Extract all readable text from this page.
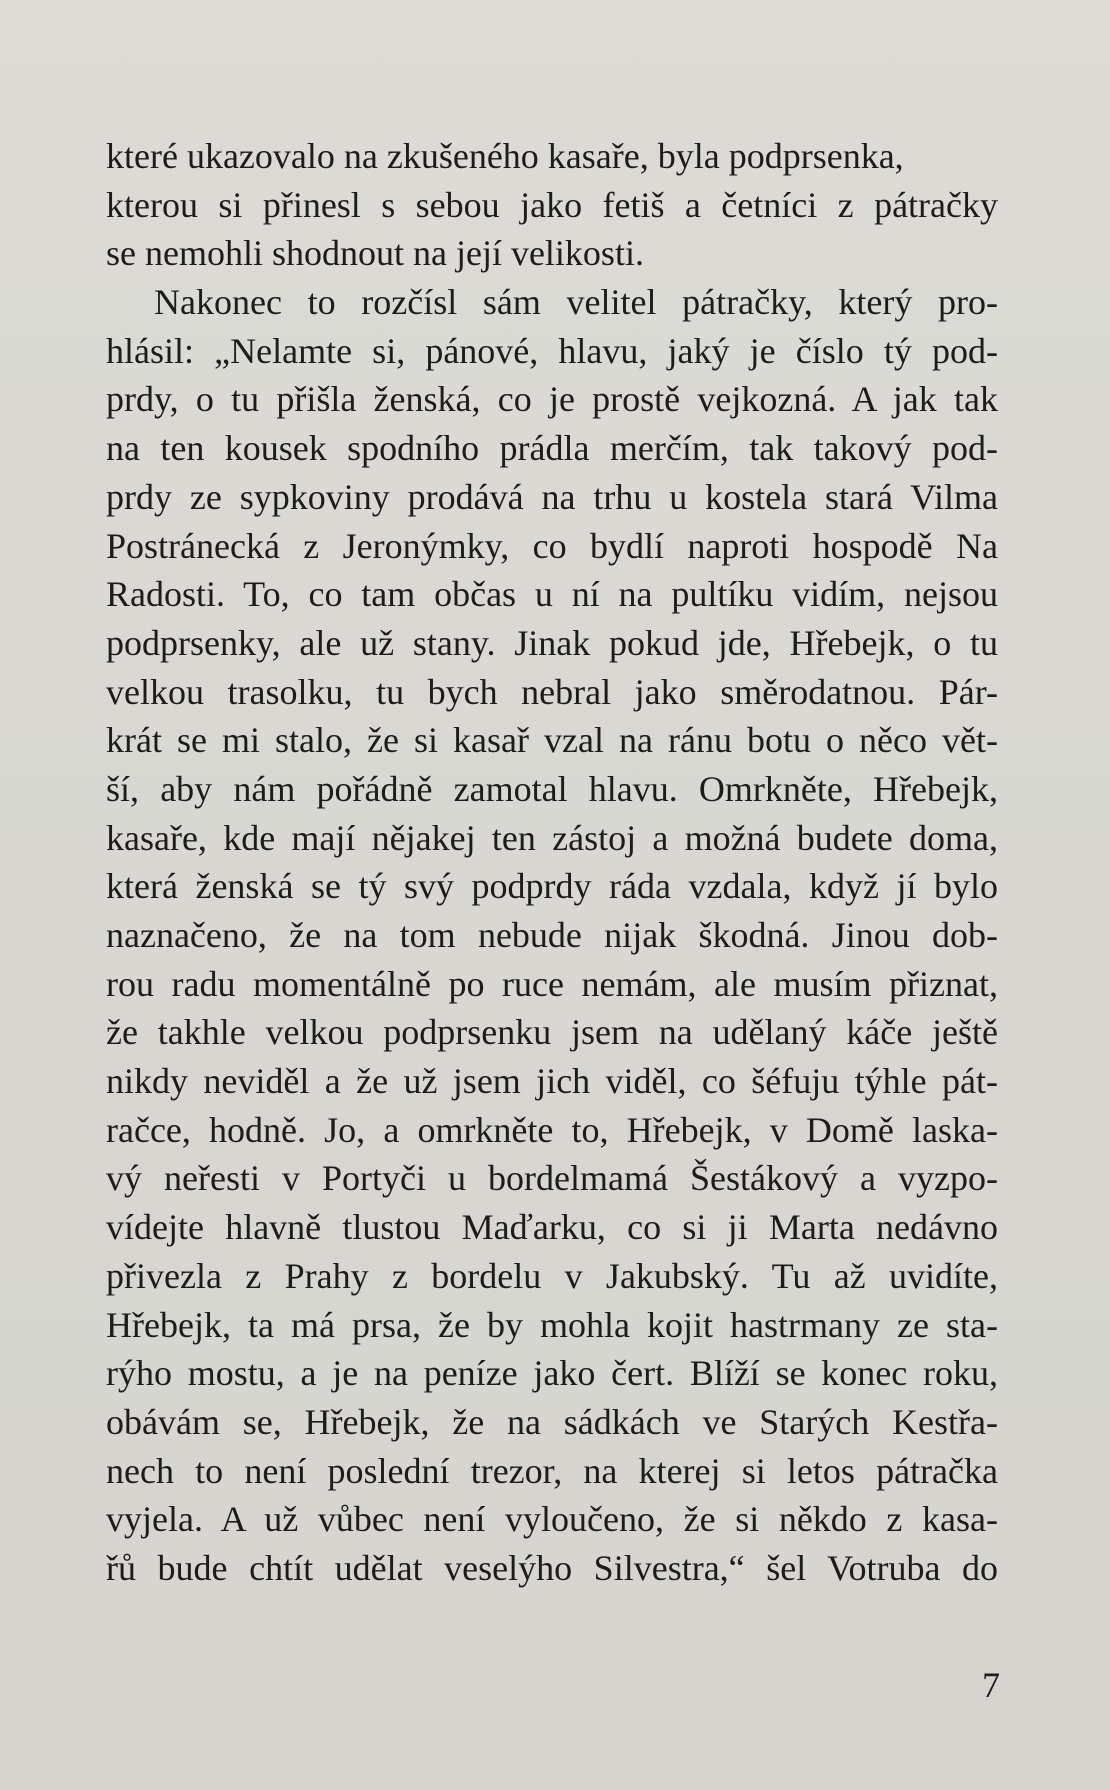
které ukazovalo na zkušeného kasaře, byla podprsenka,
kterou si přinesl s sebou jako fetiš a četníci z pátračky
se nemohli shodnout na její velikosti.
Nakonec to rozčísl sám velitel pátračky, který pro-
hlásil: „Nelamte si, pánové, hlavu, jaký je číslo tý pod-
prdy, o tu přišla ženská, co je prostě vejkozná. A jak tak
na ten kousek spodního prádla merčím, tak takový pod-
prdy ze sypkoviny prodává na trhu u kostela stará Vilma
Postránecká z Jeronýmky, co bydlí naproti hospodě Na
Radosti. To, co tam občas u ní na pultíku vidím, nejsou
podprsenky, ale už stany. Jinak pokud jde, Hřebejk, o tu
velkou trasolku, tu bych nebral jako směrodatnou. Pár-
krát se mi stalo, že si kasař vzal na ránu botu o něco vět-
ší, aby nám pořádně zamotal hlavu. Omrkněte, Hřebejk,
kasaře, kde mají nějakej ten zástoj a možná budete doma,
která ženská se tý svý podprdy ráda vzdala, když jí bylo
naznačeno, že na tom nebude nijak škodná. Jinou dob-
rou radu momentálně po ruce nemám, ale musím přiznat,
že takhle velkou podprsenku jsem na udělaný káče ještě
nikdy neviděl a že už jsem jich viděl, co šéfuju týhle pát-
račce, hodně. Jo, a omrkněte to, Hřebejk, v Domě laska-
vý neřesti v Portyči u bordelmamá Šestákový a vyzpo-
vídejte hlavně tlustou Maďarku, co si ji Marta nedávno
přivezla z Prahy z bordelu v Jakubský. Tu až uvidíte,
Hřebejk, ta má prsa, že by mohla kojit hastrmany ze sta-
rýho mostu, a je na peníze jako čert. Blíží se konec roku,
obávám se, Hřebejk, že na sádkách ve Starých Kestřa-
nech to není poslední trezor, na kterej si letos pátračka
vyjela. A už vůbec není vyloučeno, že si někdo z kasa-
řů bude chtít udělat veselýho Silvestra,“ šel Votruba do
7
